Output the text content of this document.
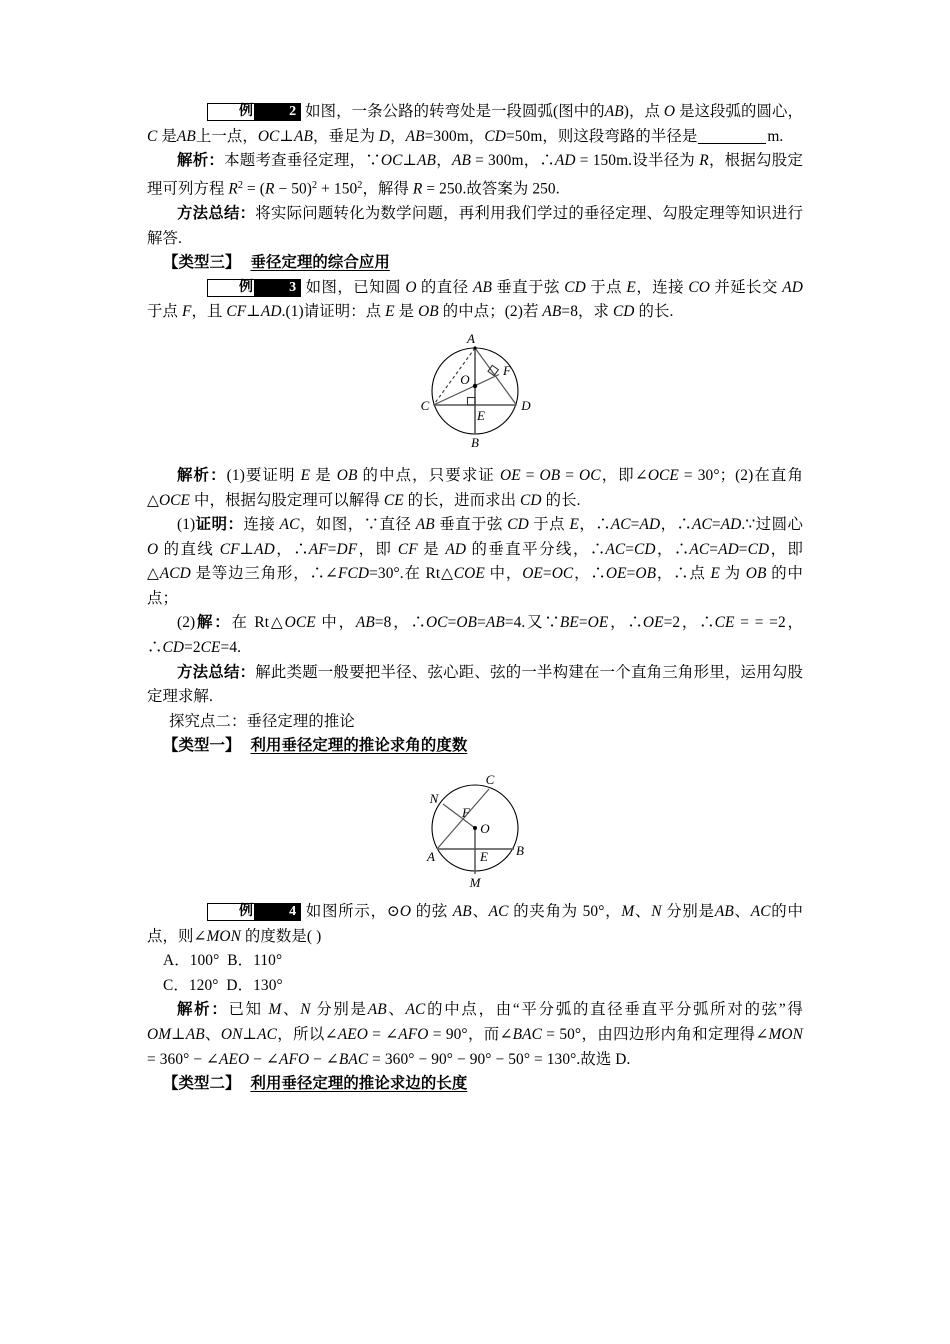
例	2 如图，一条公路的转弯处是一段圆弧(图中的AB)，点 O 是这段弧的圆心，C 是AB上一点，OC⊥AB，垂足为 D，AB=300m，CD=50m，则这段弯路的半径是	m.

解析：本题考查垂径定理，∵OC⊥AB，AB = 300m，∴AD = 150m.设半径为 R，根据勾股定理可列方程 $R^2 = (R - 50)^2 + 150^2$，解得 R = 250.故答案为 250.

方法总结：将实际问题转化为数学问题，再利用我们学过的垂径定理、勾股定理等知识进行解答.

【类型三】 垂径定理的综合应用

例	3 如图，已知圆 O 的直径 AB 垂直于弦 CD 于点 E，连接 CO 并延长交 AD 于点 F，且 CF⊥AD.(1)请证明：点 E 是 OB 的中点；(2)若 AB=8，求 CD 的长.

A
B
C	D
E
F
O

解析：(1)要证明 E 是 OB 的中点，只要求证 OE = OB = OC，即∠OCE = 30°；(2)在直角 △OCE 中，根据勾股定理可以解得 CE 的长，进而求出 CD 的长.

(1)证明：连接 AC，如图，∵直径 AB 垂直于弦 CD 于点 E，∴AC=AD，∴AC=AD.∵过圆心 O 的直线 CF⊥AD，∴AF=DF，即 CF 是 AD 的垂直平分线，∴AC=CD，∴AC=AD=CD，即△ACD 是等边三角形，∴∠FCD=30°.在 Rt△COE 中，OE=OC，∴OE=OB，∴点 E 为 OB 的中点；

(2)解：在 Rt△OCE 中，AB=8，∴OC=OB=AB=4.又∵BE=OE，∴OE=2，∴CE = = =2，∴CD=2CE=4.

方法总结：解此类题一般要把半径、弦心距、弦的一半构建在一个直角三角形里，运用勾股定理求解.

探究点二：垂径定理的推论

【类型一】 利用垂径定理的推论求角的度数

C
N
F
O
A	E B
M

例	4 如图所示，⊙O 的弦 AB、AC 的夹角为 50°，M、N 分别是AB、AC的中点，则∠MON 的度数是( )

A．100° B．110°

C．120° D．130°

解析：已知 M、N 分别是AB、AC的中点，由“平分弧的直径垂直平分弧所对的弦”得OM⊥AB、ON⊥AC，所以∠AEO = ∠AFO = 90°，而∠BAC = 50°，由四边形内角和定理得∠MON = 360° − ∠AEO − ∠AFO − ∠BAC = 360° − 90° − 90° − 50° = 130°.故选 D.

【类型二】 利用垂径定理的推论求边的长度
